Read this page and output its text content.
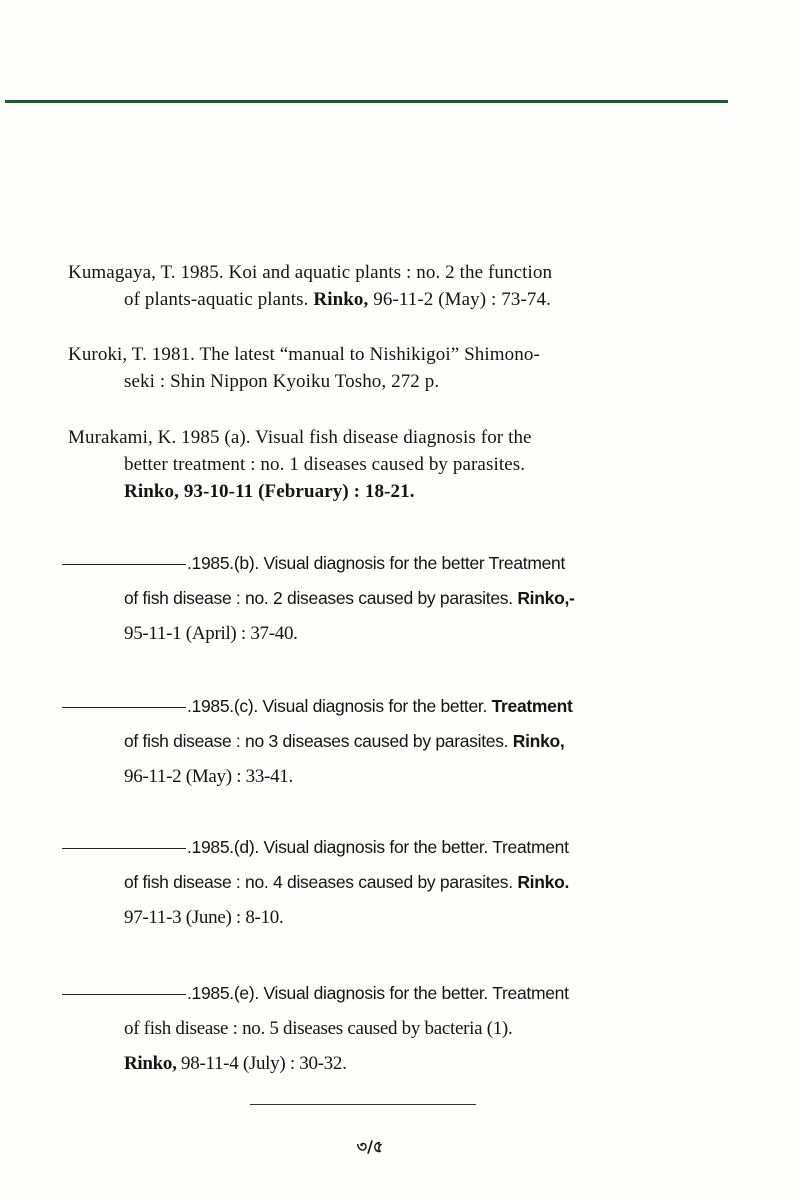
Kumagaya, T. 1985. Koi and aquatic plants : no. 2 the function
of plants-aquatic plants. Rinko, 96-11-2 (May) : 73-74.
Kuroki, T. 1981. The latest “manual to Nishikigoi” Shimono-
seki : Shin Nippon Kyoiku Tosho, 272 p.
Murakami, K. 1985 (a). Visual fish disease diagnosis for the
better treatment : no. 1 diseases caused by parasites.
Rinko, 93-10-11 (February) : 18-21.
.1985.(b). Visual diagnosis for the better Treatment
of fish disease : no. 2 diseases caused by parasites. Rinko,-
95-11-1 (April) : 37-40.
.1985.(c). Visual diagnosis for the better. Treatment
of fish disease : no 3 diseases caused by parasites. Rinko,
96-11-2 (May) : 33-41.
.1985.(d). Visual diagnosis for the better. Treatment
of fish disease : no. 4 diseases caused by parasites. Rinko.
97-11-3 (June) : 8-10.
.1985.(e). Visual diagnosis for the better. Treatment
of fish disease : no. 5 diseases caused by bacteria (1).
Rinko, 98-11-4 (July) : 30-32.
৩/৫
